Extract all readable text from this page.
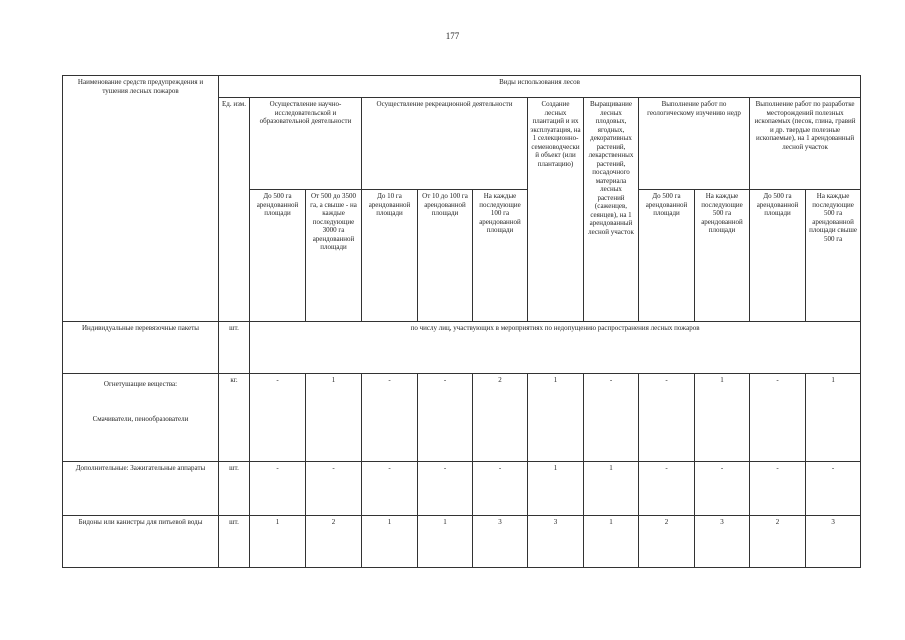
177
Наименование средств предупреждения и тушения лесных пожаров	Виды использования лесов											
	Ед. изм.	Осуществление научно-исследовательской и образовательной деятельности		Осуществление рекреационной деятельности			Создание лесных плантаций и их эксплуатация, на 1 селекционно-семеноводческий объект (или плантацию)	Выращивание лесных плодовых, ягодных, декоративных растений, лекарственных растений, посадочного материала лесных растений (саженцев, сеянцев), на 1 арендованный лесной участок	Выполнение работ по геологическому изучению недр		Выполнение работ по разработке месторождений полезных ископаемых (песок, глина, гравий и др. твердые полезные ископаемые), на 1 арендованный лесной участок	
		До 500 га арендованной площади	От 500 до 3500 га, а свыше - на каждые последующие 3000 га арендованной площади	До 10 га арендованной площади	От 10 до 100 га арендованной площади	На каждые последующие 100 га арендованной площади			До 500 га арендованной площади	На каждые последующие 500 га арендованной площади	До 500 га арендованной площади	На каждые последующие 500 га арендованной площади свыше 500 га
Индивидуальные перевязочные пакеты	шт.	по числу лиц, участвующих в мероприятиях по недопущению распространения лесных пожаров										

Огнетушащие вещества:
Смачиватели, пенообразователи	кг.	-	1	-	-	2	1	-	-	1	-	1
Дополнительные: Зажигательные аппараты	шт.	-	-	-	-	-	1	1	-	-	-	-
Бидоны или канистры для питьевой воды	шт.	1	2	1	1	3	3	1	2	3	2	3
